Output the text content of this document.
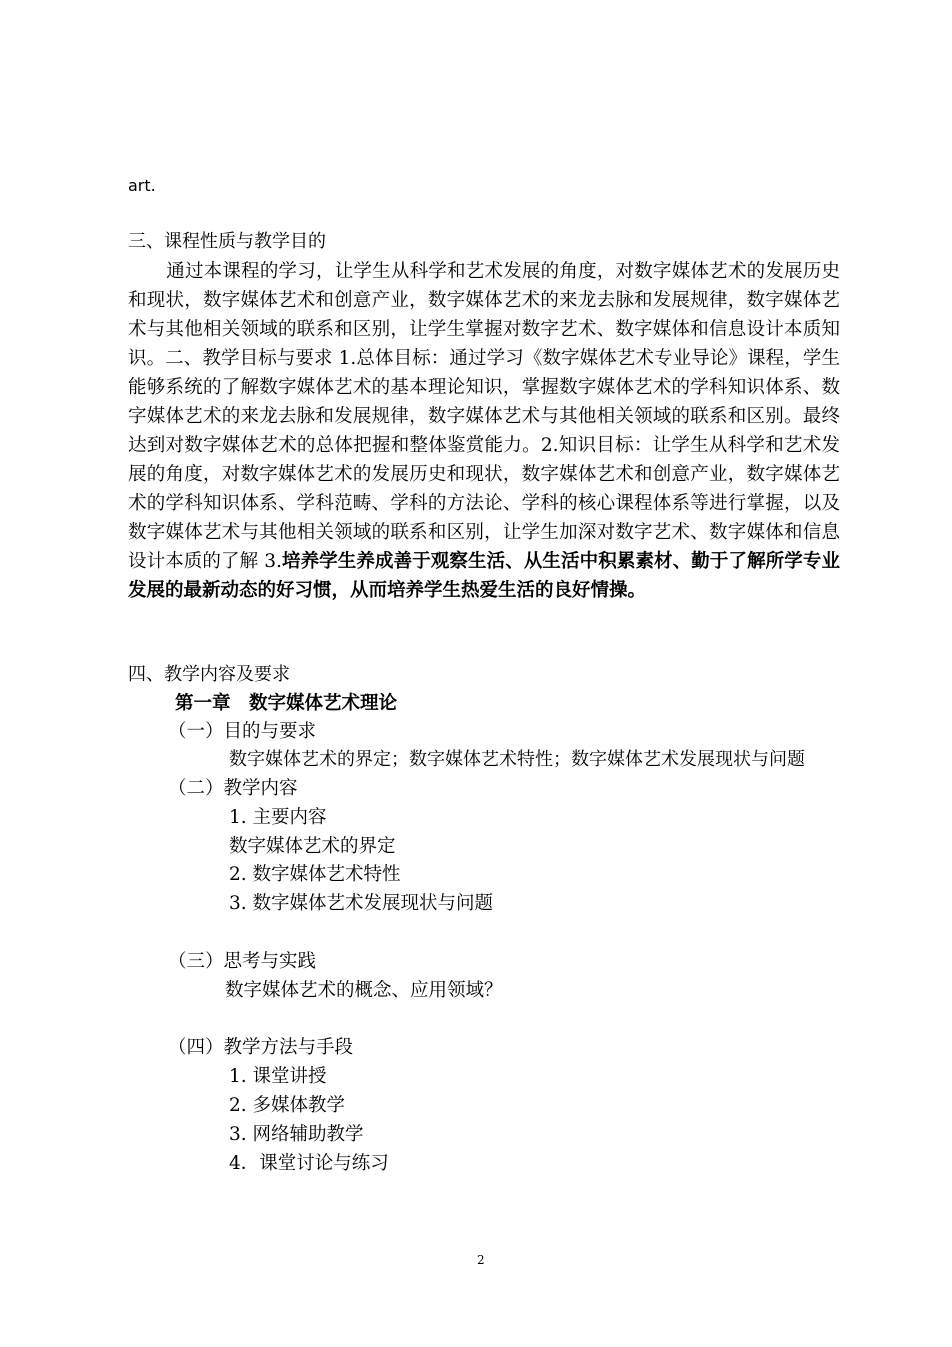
art.
三、课程性质与教学目的
通过本课程的学习，让学生从科学和艺术发展的角度，对数字媒体艺术的发展历史和现状，数字媒体艺术和创意产业，数字媒体艺术的来龙去脉和发展规律，数字媒体艺术与其他相关领域的联系和区别，让学生掌握对数字艺术、数字媒体和信息设计本质知识。二、教学目标与要求 1.总体目标：通过学习《数字媒体艺术专业导论》课程，学生能够系统的了解数字媒体艺术的基本理论知识，掌握数字媒体艺术的学科知识体系、数字媒体艺术的来龙去脉和发展规律，数字媒体艺术与其他相关领域的联系和区别。最终达到对数字媒体艺术的总体把握和整体鉴赏能力。2.知识目标：让学生从科学和艺术发展的角度，对数字媒体艺术的发展历史和现状，数字媒体艺术和创意产业，数字媒体艺术的学科知识体系、学科范畴、学科的方法论、学科的核心课程体系等进行掌握，以及数字媒体艺术与其他相关领域的联系和区别，让学生加深对数字艺术、数字媒体和信息设计本质的了解 3.培养学生养成善于观察生活、从生活中积累素材、勤于了解所学专业发展的最新动态的好习惯，从而培养学生热爱生活的良好情操。
四、教学内容及要求
第一章　数字媒体艺术理论
（一）目的与要求
数字媒体艺术的界定；数字媒体艺术特性；数字媒体艺术发展现状与问题
（二）教学内容
1. 主要内容
数字媒体艺术的界定
2. 数字媒体艺术特性
3. 数字媒体艺术发展现状与问题
（三）思考与实践
数字媒体艺术的概念、应用领域？
（四）教学方法与手段
1. 课堂讲授
2. 多媒体教学
3. 网络辅助教学
4．课堂讨论与练习
2
